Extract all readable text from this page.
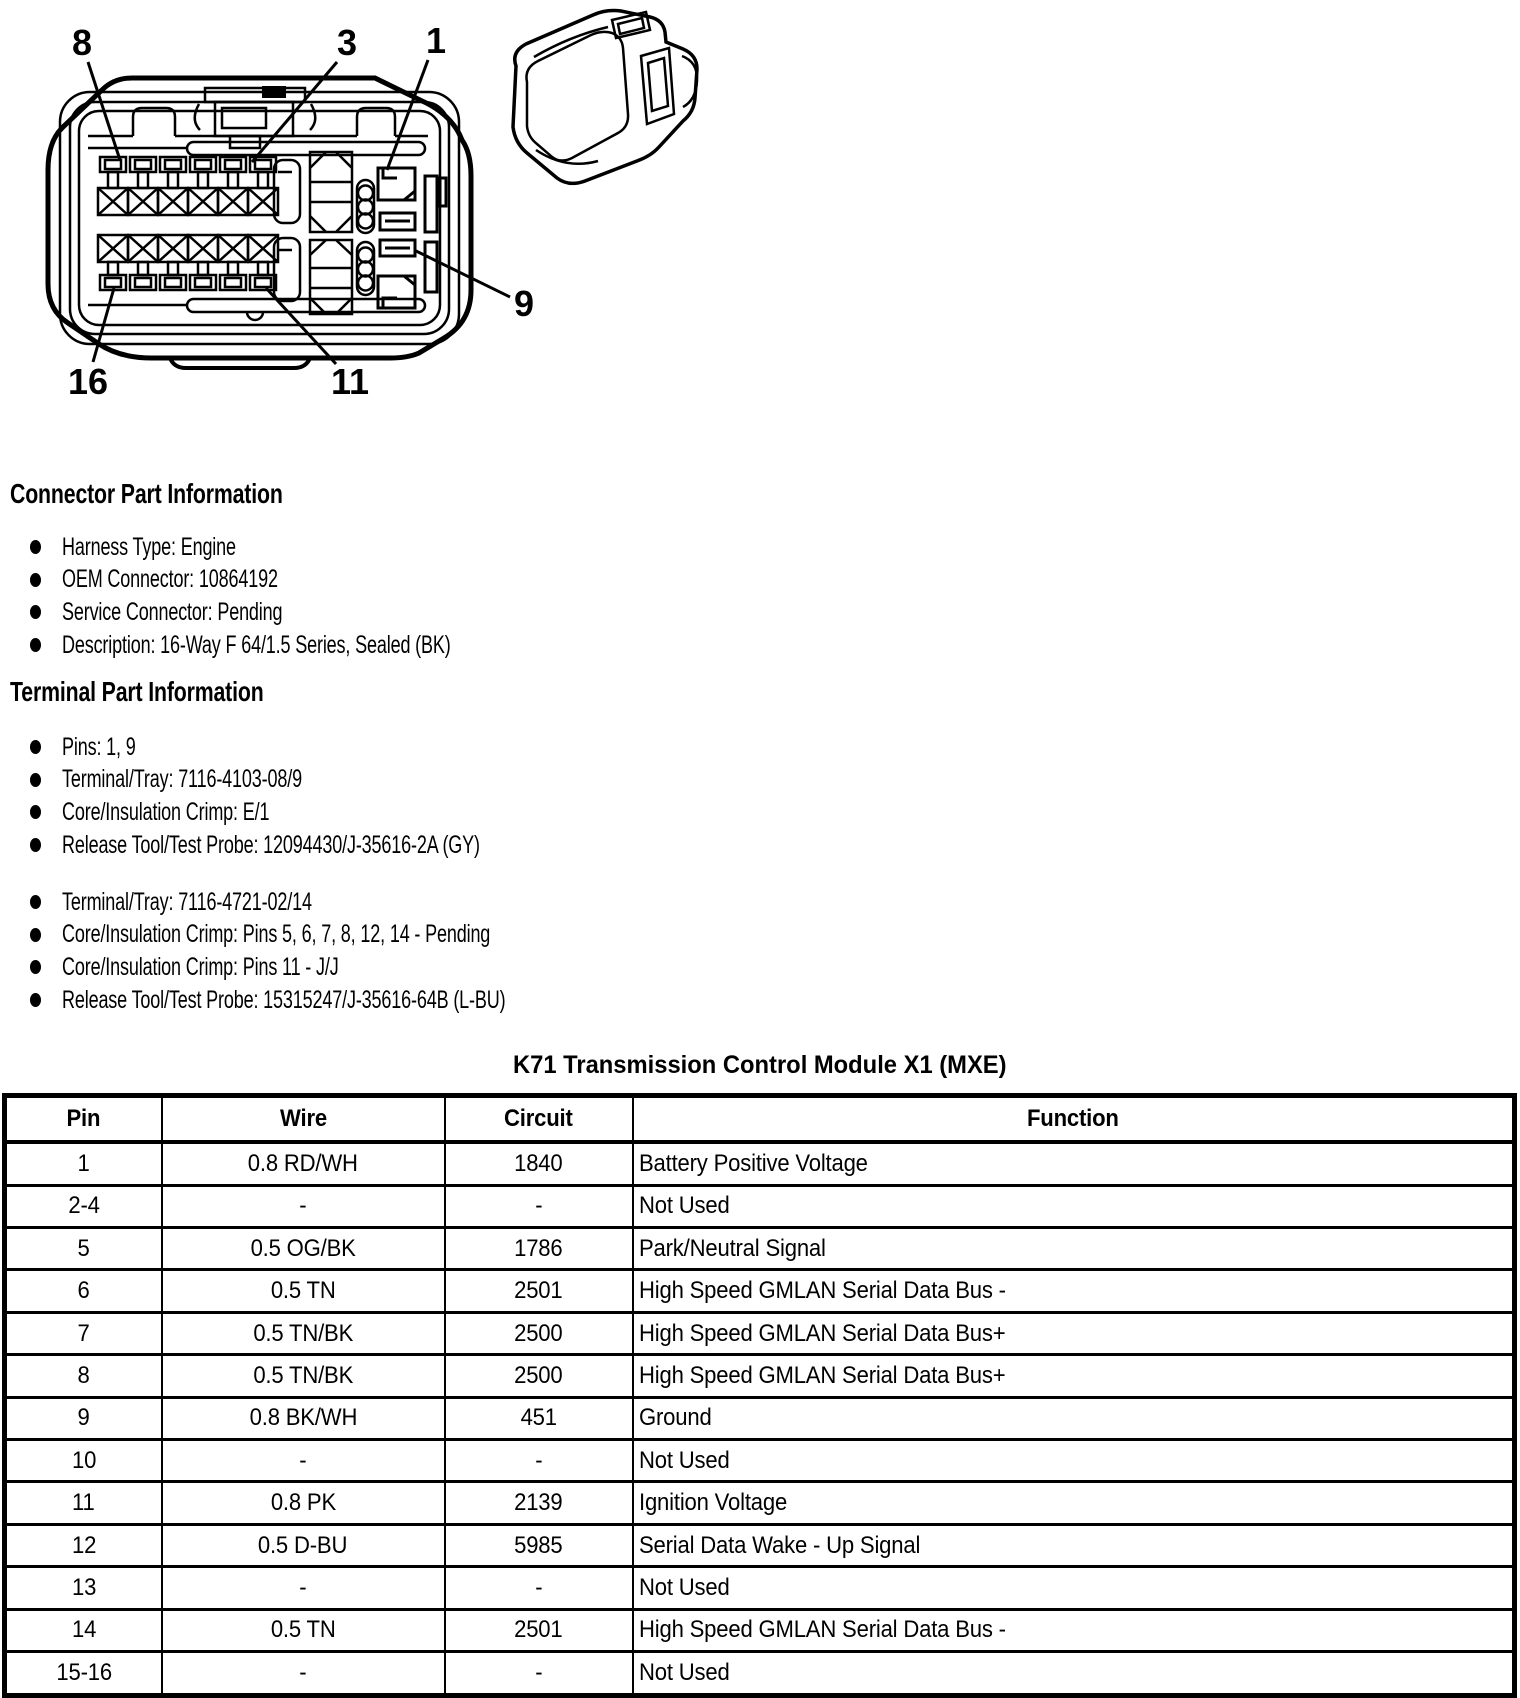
8	3 1
9
16	11
Connector Part Information
Harness Type: Engine
OEM Connector: 10864192
Service Connector: Pending
Description: 16-Way F 64/1.5 Series, Sealed (BK)
Terminal Part Information
Pins: 1, 9
Terminal/Tray: 7116-4103-08/9
Core/Insulation Crimp: E/1
Release Tool/Test Probe: 12094430/J-35616-2A (GY)
Terminal/Tray: 7116-4721-02/14
Core/Insulation Crimp: Pins 5, 6, 7, 8, 12, 14 - Pending
Core/Insulation Crimp: Pins 11 - J/J
Release Tool/Test Probe: 15315247/J-35616-64B (L-BU)
K71 Transmission Control Module X1 (MXE)
Pin	Wire	Circuit	Function
1	0.8 RD/WH	1840	Battery Positive Voltage
2-4	-	-	Not Used
5	0.5 OG/BK	1786	Park/Neutral Signal
6	0.5 TN	2501	High Speed GMLAN Serial Data Bus -
7	0.5 TN/BK	2500	High Speed GMLAN Serial Data Bus+
8	0.5 TN/BK	2500	High Speed GMLAN Serial Data Bus+
9	0.8 BK/WH	451	Ground
10	-	-	Not Used
11	0.8 PK	2139	Ignition Voltage
12	0.5 D-BU	5985	Serial Data Wake - Up Signal
13	-	-	Not Used
14	0.5 TN	2501	High Speed GMLAN Serial Data Bus -
15-16	-	-	Not Used
